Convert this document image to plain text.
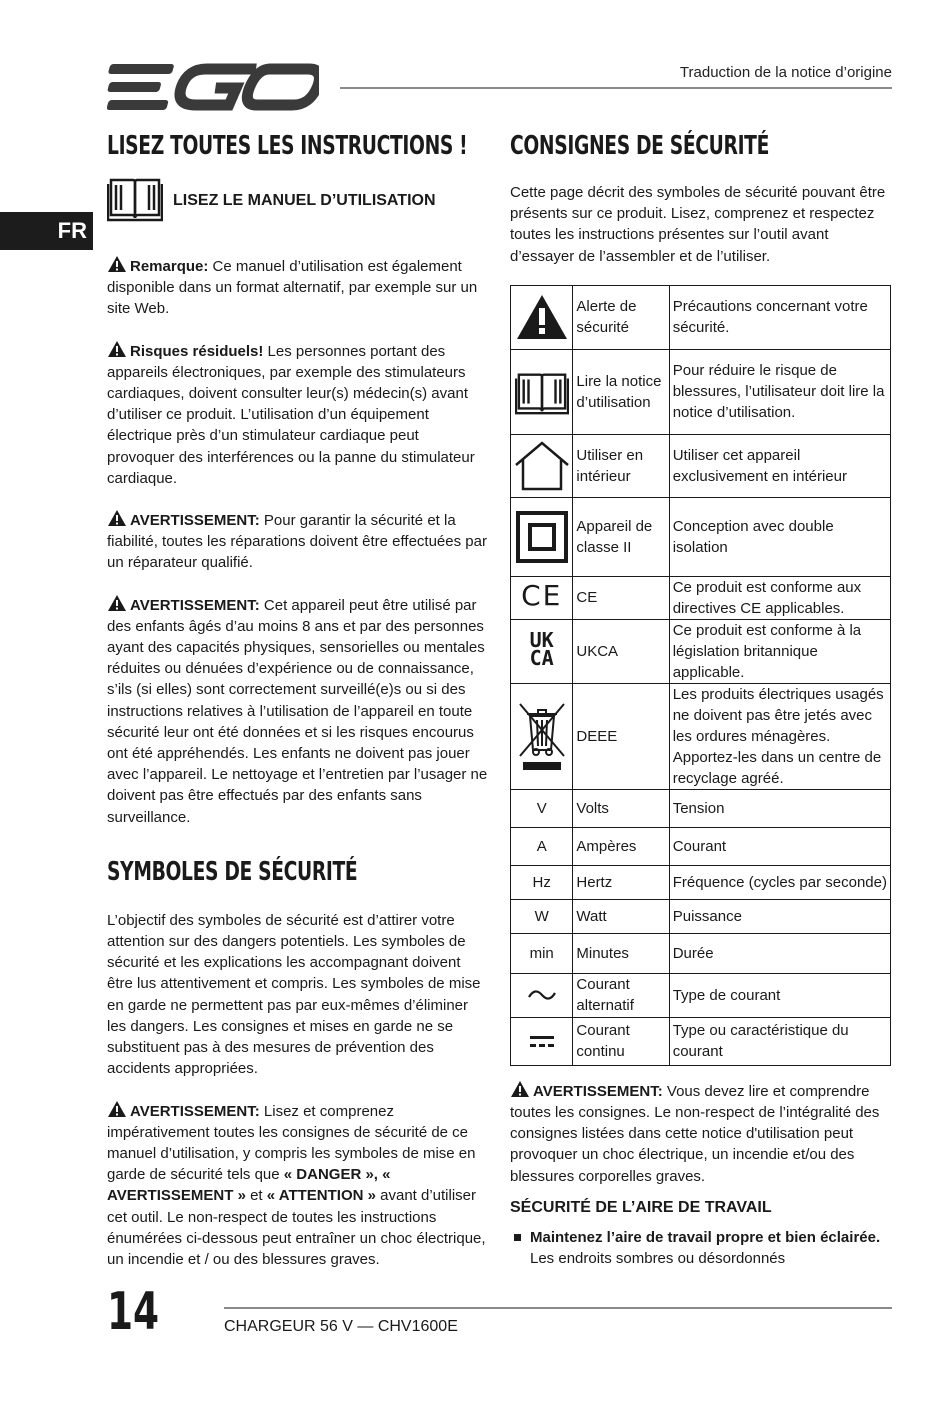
Traduction de la notice d’origine
FR
LISEZ TOUTES LES INSTRUCTIONS !
LISEZ LE MANUEL D’UTILISATION

Remarque: Ce manuel d’utilisation est également disponible dans un format alternatif, par exemple sur un site Web.

Risques résiduels! Les personnes portant des appareils électroniques, par exemple des stimulateurs cardiaques, doivent consulter leur(s) médecin(s) avant d’utiliser ce produit. L’utilisation d’un équipement électrique près d’un stimulateur cardiaque peut provoquer des interférences ou la panne du stimulateur cardiaque.

AVERTISSEMENT: Pour garantir la sécurité et la fiabilité, toutes les réparations doivent être effectuées par un réparateur qualifié.

AVERTISSEMENT: Cet appareil peut être utilisé par des enfants âgés d’au moins 8 ans et par des personnes ayant des capacités physiques, sensorielles ou mentales réduites ou dénuées d’expérience ou de connaissance, s’ils (si elles) sont correctement surveillé(e)s ou si des instructions relatives à l’utilisation de l’appareil en toute sécurité leur ont été données et si les risques encourus ont été appréhendés. Les enfants ne doivent pas jouer avec l’appareil. Le nettoyage et l’entretien par l’usager ne doivent pas être effectués par des enfants sans surveillance.

SYMBOLES DE SÉCURITÉ

L’objectif des symboles de sécurité est d’attirer votre attention sur des dangers potentiels. Les symboles de sécurité et les explications les accompagnant doivent être lus attentivement et compris. Les symboles de mise en garde ne permettent pas par eux-mêmes d’éliminer les dangers. Les consignes et mises en garde ne se substituent pas à des mesures de prévention des accidents appropriées.

AVERTISSEMENT: Lisez et comprenez impérativement toutes les consignes de sécurité de ce manuel d’utilisation, y compris les symboles de mise en garde de sécurité tels que « DANGER », « AVERTISSEMENT » et « ATTENTION » avant d’utiliser cet outil. Le non-respect de toutes les instructions énumérées ci-dessous peut entraîner un choc électrique, un incendie et / ou des blessures graves.

CONSIGNES DE SÉCURITÉ

Cette page décrit des symboles de sécurité pouvant être présents sur ce produit. Lisez, comprenez et respectez toutes les instructions présentes sur l’outil avant d’essayer de l’assembler et de l’utiliser.

	Alerte de sécurité	Précautions concernant votre sécurité.

	Lire la notice d’utilisation	Pour réduire le risque de blessures, l’utilisateur doit lire la notice d’utilisation.

	Utiliser en intérieur	Utiliser cet appareil exclusivement en intérieur

	Appareil de classe II	Conception avec double isolation
CE	CE	Ce produit est conforme aux directives CE applicables.
UK CA	UKCA	Ce produit est conforme à la législation britannique applicable.

	DEEE	Les produits électriques usagés ne doivent pas être jetés avec les ordures ménagères. Apportez-les dans un centre de recyclage agréé.
V	Volts	Tension
A	Ampères	Courant
Hz	Hertz	Fréquence (cycles par seconde)
W	Watt	Puissance
min	Minutes	Durée

	Courant alternatif	Type de courant

	Courant continu	Type ou caractéristique du courant

AVERTISSEMENT: Vous devez lire et comprendre toutes les consignes. Le non-respect de l’intégralité des consignes listées dans cette notice d'utilisation peut provoquer un choc électrique, un incendie et/ou des blessures corporelles graves.

SÉCURITÉ DE L’AIRE DE TRAVAIL
Maintenez l’aire de travail propre et bien éclairée. Les endroits sombres ou désordonnés
14	CHARGEUR 56 V — CHV1600E
